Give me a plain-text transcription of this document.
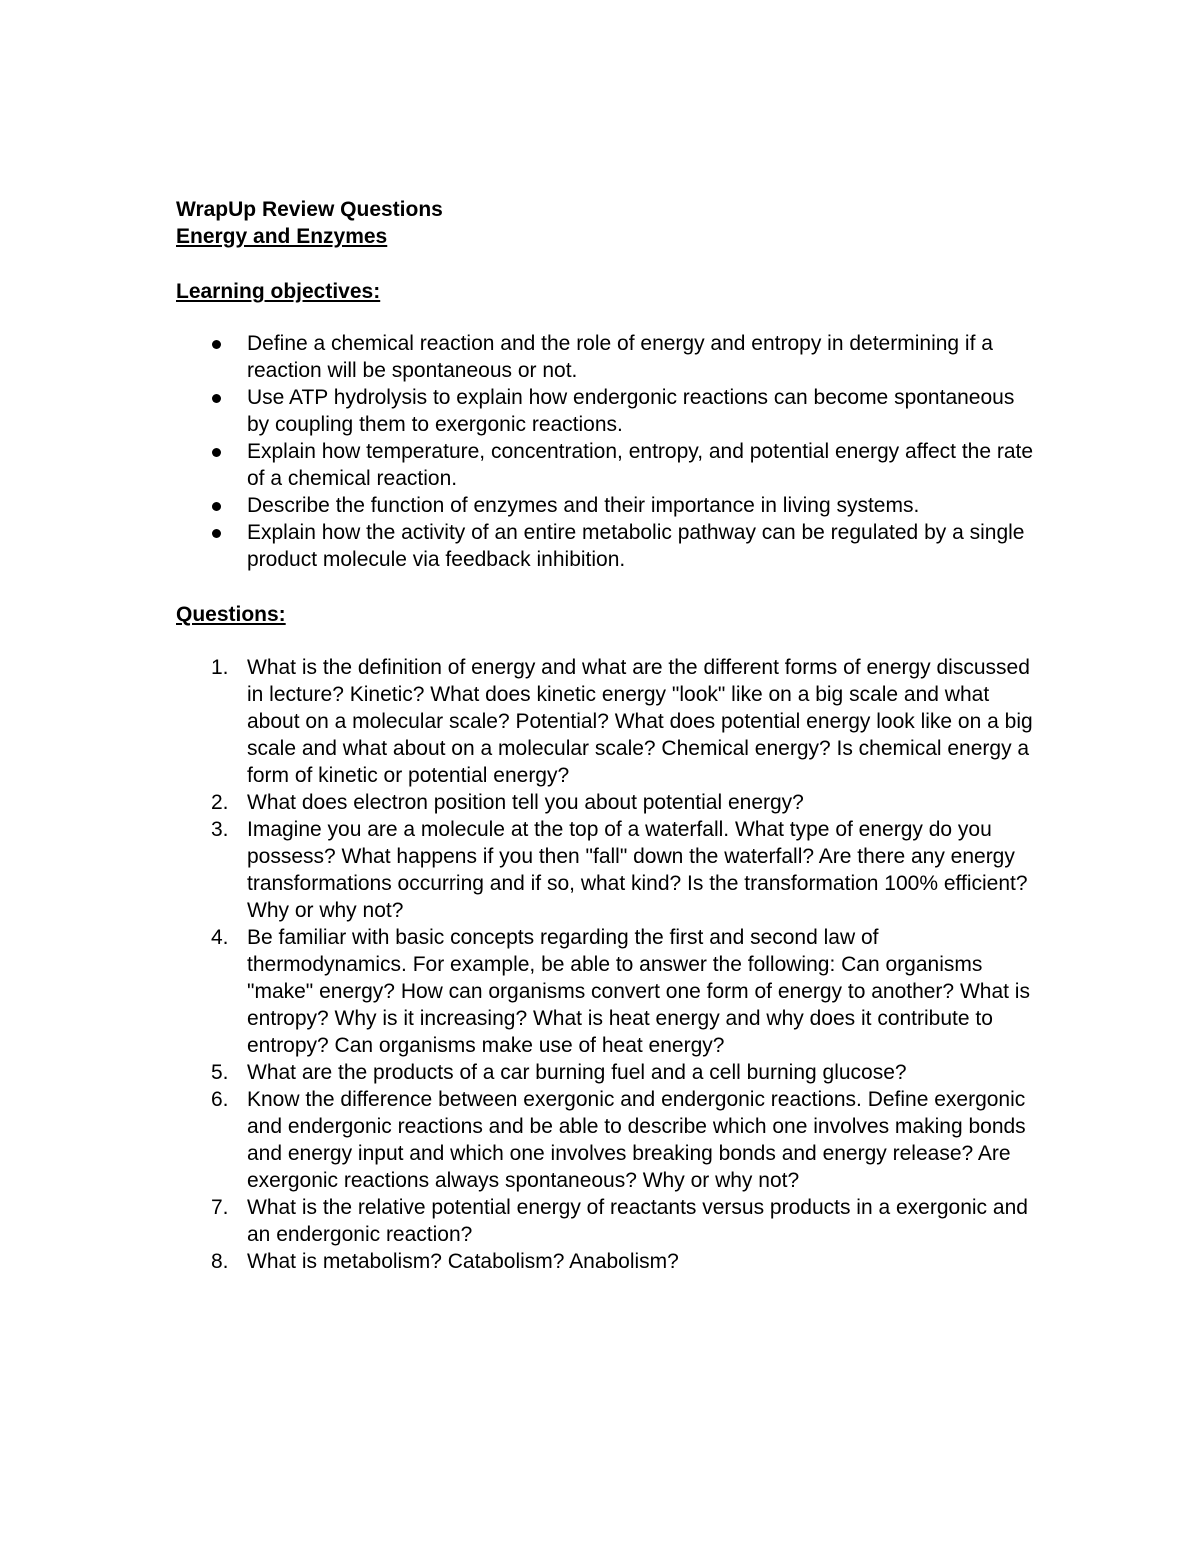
WrapUp Review Questions

Energy and Enzymes

Learning objectives:

Define a chemical reaction and the role of energy and entropy in determining if a reaction will be spontaneous or not.
Use ATP hydrolysis to explain how endergonic reactions can become spontaneous by coupling them to exergonic reactions.
Explain how temperature, concentration, entropy, and potential energy affect the rate of a chemical reaction.
Describe the function of enzymes and their importance in living systems.
Explain how the activity of an entire metabolic pathway can be regulated by a single product molecule via feedback inhibition.

Questions:

1. What is the definition of energy and what are the different forms of energy discussed in lecture? Kinetic? What does kinetic energy "look" like on a big scale and what about on a molecular scale? Potential? What does potential energy look like on a big scale and what about on a molecular scale? Chemical energy? Is chemical energy a form of kinetic or potential energy?
2. What does electron position tell you about potential energy?
3. Imagine you are a molecule at the top of a waterfall. What type of energy do you possess? What happens if you then "fall" down the waterfall? Are there any energy transformations occurring and if so, what kind? Is the transformation 100% efficient? Why or why not?
4. Be familiar with basic concepts regarding the first and second law of thermodynamics. For example, be able to answer the following: Can organisms "make" energy? How can organisms convert one form of energy to another? What is entropy? Why is it increasing? What is heat energy and why does it contribute to entropy? Can organisms make use of heat energy?
5. What are the products of a car burning fuel and a cell burning glucose?
6. Know the difference between exergonic and endergonic reactions. Define exergonic and endergonic reactions and be able to describe which one involves making bonds and energy input and which one involves breaking bonds and energy release? Are exergonic reactions always spontaneous? Why or why not?
7. What is the relative potential energy of reactants versus products in a exergonic and an endergonic reaction?
8. What is metabolism? Catabolism? Anabolism?
